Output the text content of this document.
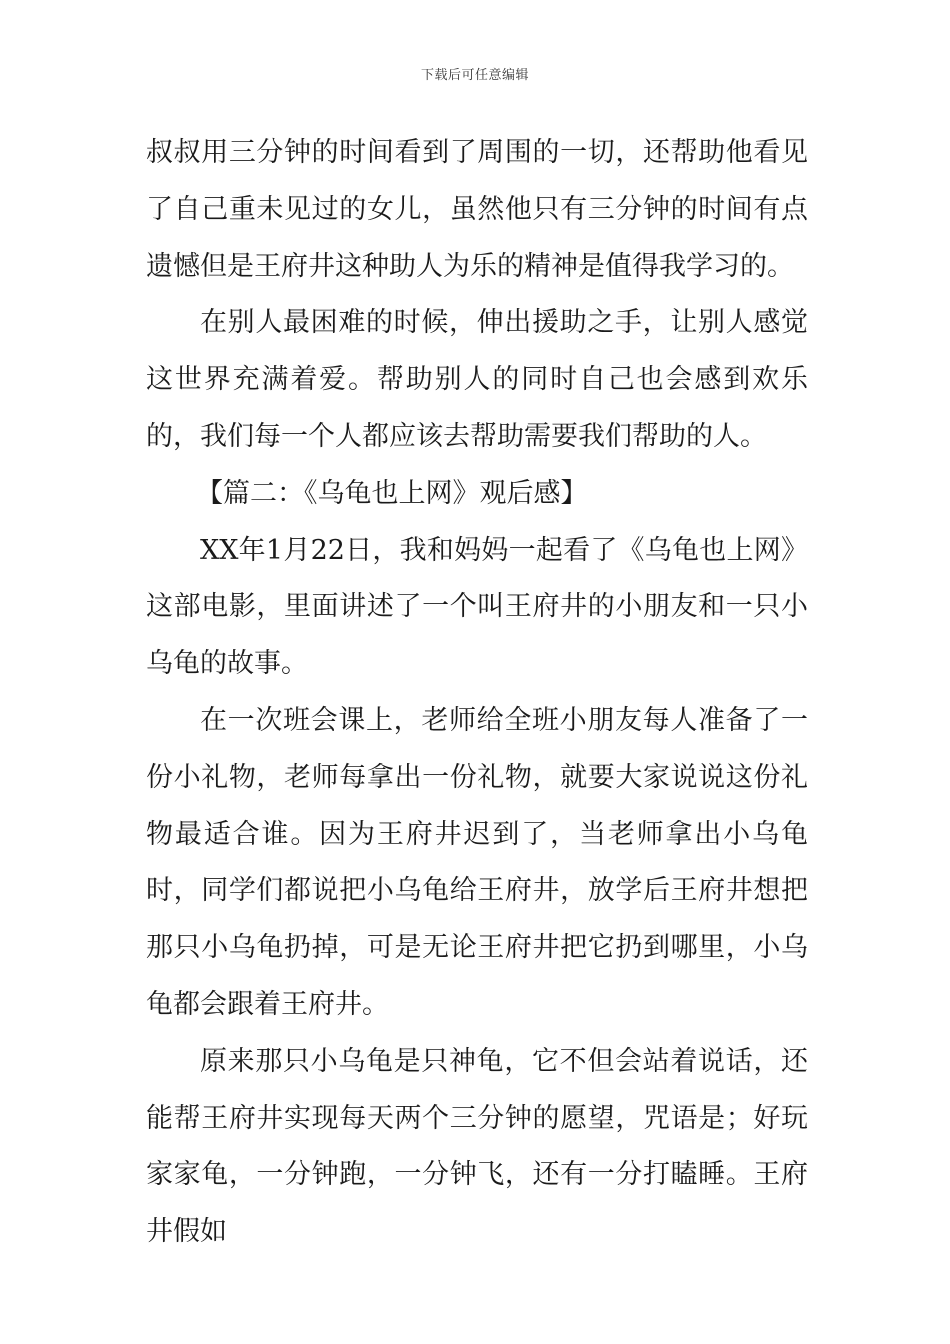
下载后可任意编辑

叔叔用三分钟的时间看到了周围的一切，还帮助他看见了自己重未见过的女儿，虽然他只有三分钟的时间有点遗憾但是王府井这种助人为乐的精神是值得我学习的。

在别人最困难的时候，伸出援助之手，让别人感觉这世界充满着爱。帮助别人的同时自己也会感到欢乐的，我们每一个人都应该去帮助需要我们帮助的人。

【篇二：《乌龟也上网》观后感】

XX年1月22日，我和妈妈一起看了《乌龟也上网》这部电影，里面讲述了一个叫王府井的小朋友和一只小乌龟的故事。

在一次班会课上，老师给全班小朋友每人准备了一份小礼物，老师每拿出一份礼物，就要大家说说这份礼物最适合谁。因为王府井迟到了，当老师拿出小乌龟时，同学们都说把小乌龟给王府井，放学后王府井想把那只小乌龟扔掉，可是无论王府井把它扔到哪里，小乌龟都会跟着王府井。

原来那只小乌龟是只神龟，它不但会站着说话，还能帮王府井实现每天两个三分钟的愿望，咒语是；好玩家家龟，一分钟跑，一分钟飞，还有一分打瞌睡。王府井假如
